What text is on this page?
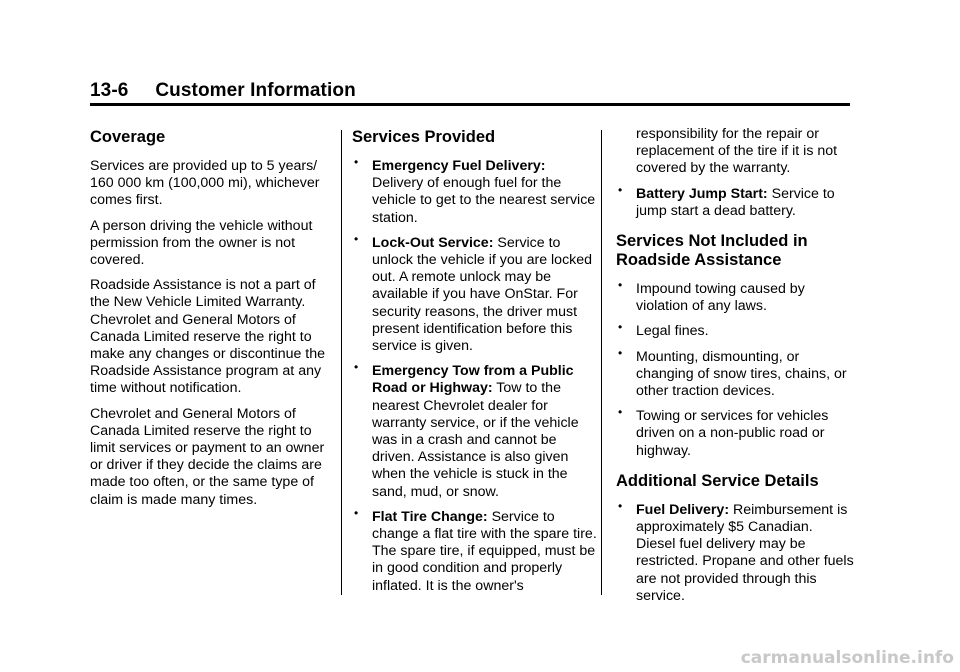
13-6     Customer Information
Coverage

Services are provided up to 5 years/ 160 000 km (100,000 mi), whichever comes first.

A person driving the vehicle without permission from the owner is not covered.

Roadside Assistance is not a part of the New Vehicle Limited Warranty. Chevrolet and General Motors of Canada Limited reserve the right to make any changes or discontinue the Roadside Assistance program at any time without notification.

Chevrolet and General Motors of Canada Limited reserve the right to limit services or payment to an owner or driver if they decide the claims are made too often, or the same type of claim is made many times.

Services Provided
• Emergency Fuel Delivery: Delivery of enough fuel for the vehicle to get to the nearest service station.
• Lock-Out Service: Service to unlock the vehicle if you are locked out. A remote unlock may be available if you have OnStar. For security reasons, the driver must present identification before this service is given.
• Emergency Tow from a Public Road or Highway: Tow to the nearest Chevrolet dealer for warranty service, or if the vehicle was in a crash and cannot be driven. Assistance is also given when the vehicle is stuck in the sand, mud, or snow.
• Flat Tire Change: Service to change a flat tire with the spare tire. The spare tire, if equipped, must be in good condition and properly inflated. It is the owner's
responsibility for the repair or replacement of the tire if it is not covered by the warranty.
• Battery Jump Start: Service to jump start a dead battery.
Services Not Included in Roadside Assistance
• Impound towing caused by violation of any laws.
• Legal fines.
• Mounting, dismounting, or changing of snow tires, chains, or other traction devices.
• Towing or services for vehicles driven on a non-public road or highway.
Additional Service Details
• Fuel Delivery: Reimbursement is approximately $5 Canadian. Diesel fuel delivery may be restricted. Propane and other fuels are not provided through this service.
carmanualsonline.info
